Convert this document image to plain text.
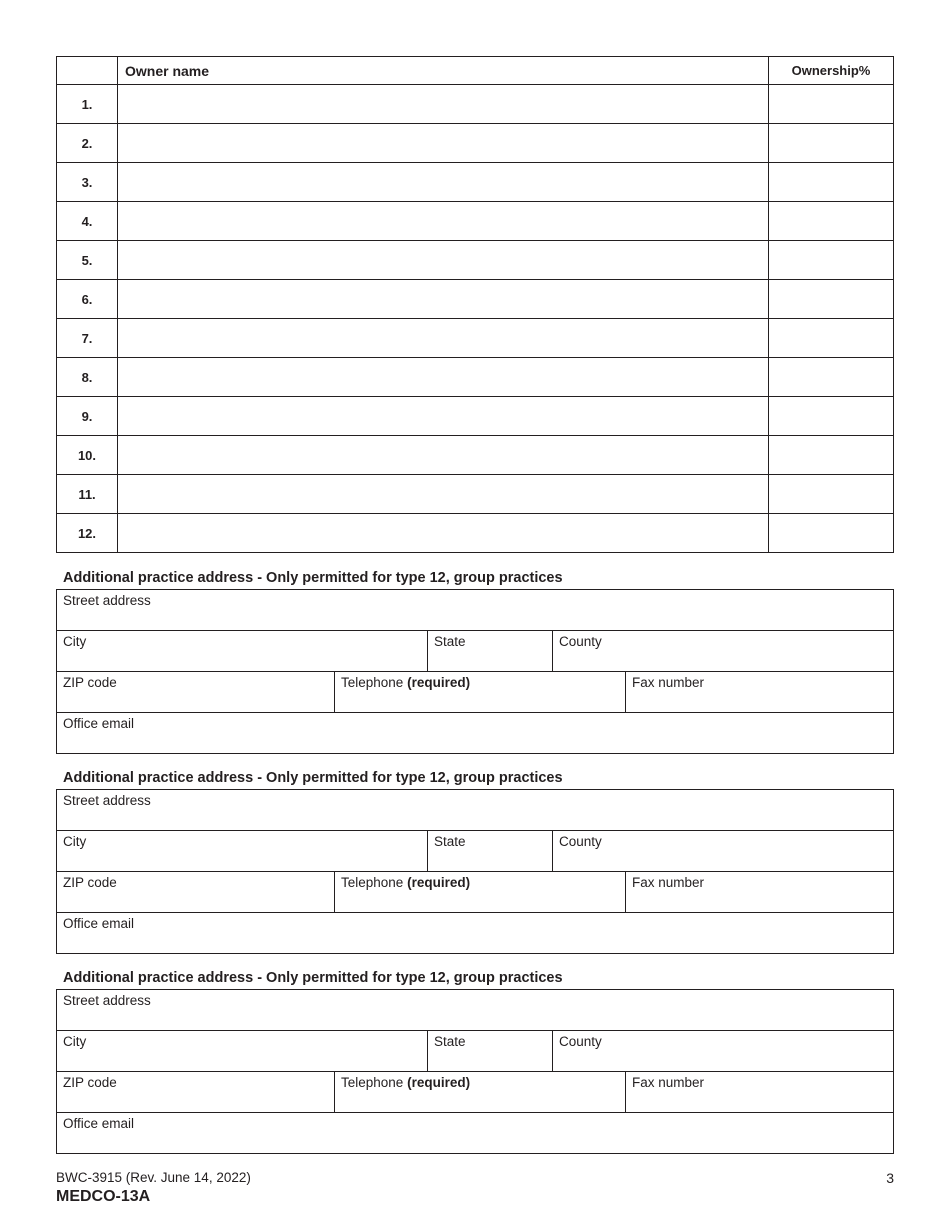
	Owner name	Ownership%
1.		
2.		
3.		
4.		
5.		
6.		
7.		
8.		
9.		
10.		
11.		
12.		
Additional practice address - Only permitted for type 12, group practices
Street address
City	State	County
ZIP code	Telephone (required)	Fax number
Office email
Additional practice address - Only permitted for type 12, group practices
Street address
City	State	County
ZIP code	Telephone (required)	Fax number
Office email
Additional practice address - Only permitted for type 12, group practices
Street address
City	State	County
ZIP code	Telephone (required)	Fax number
Office email
BWC-3915 (Rev. June 14, 2022)
MEDCO-13A
3
